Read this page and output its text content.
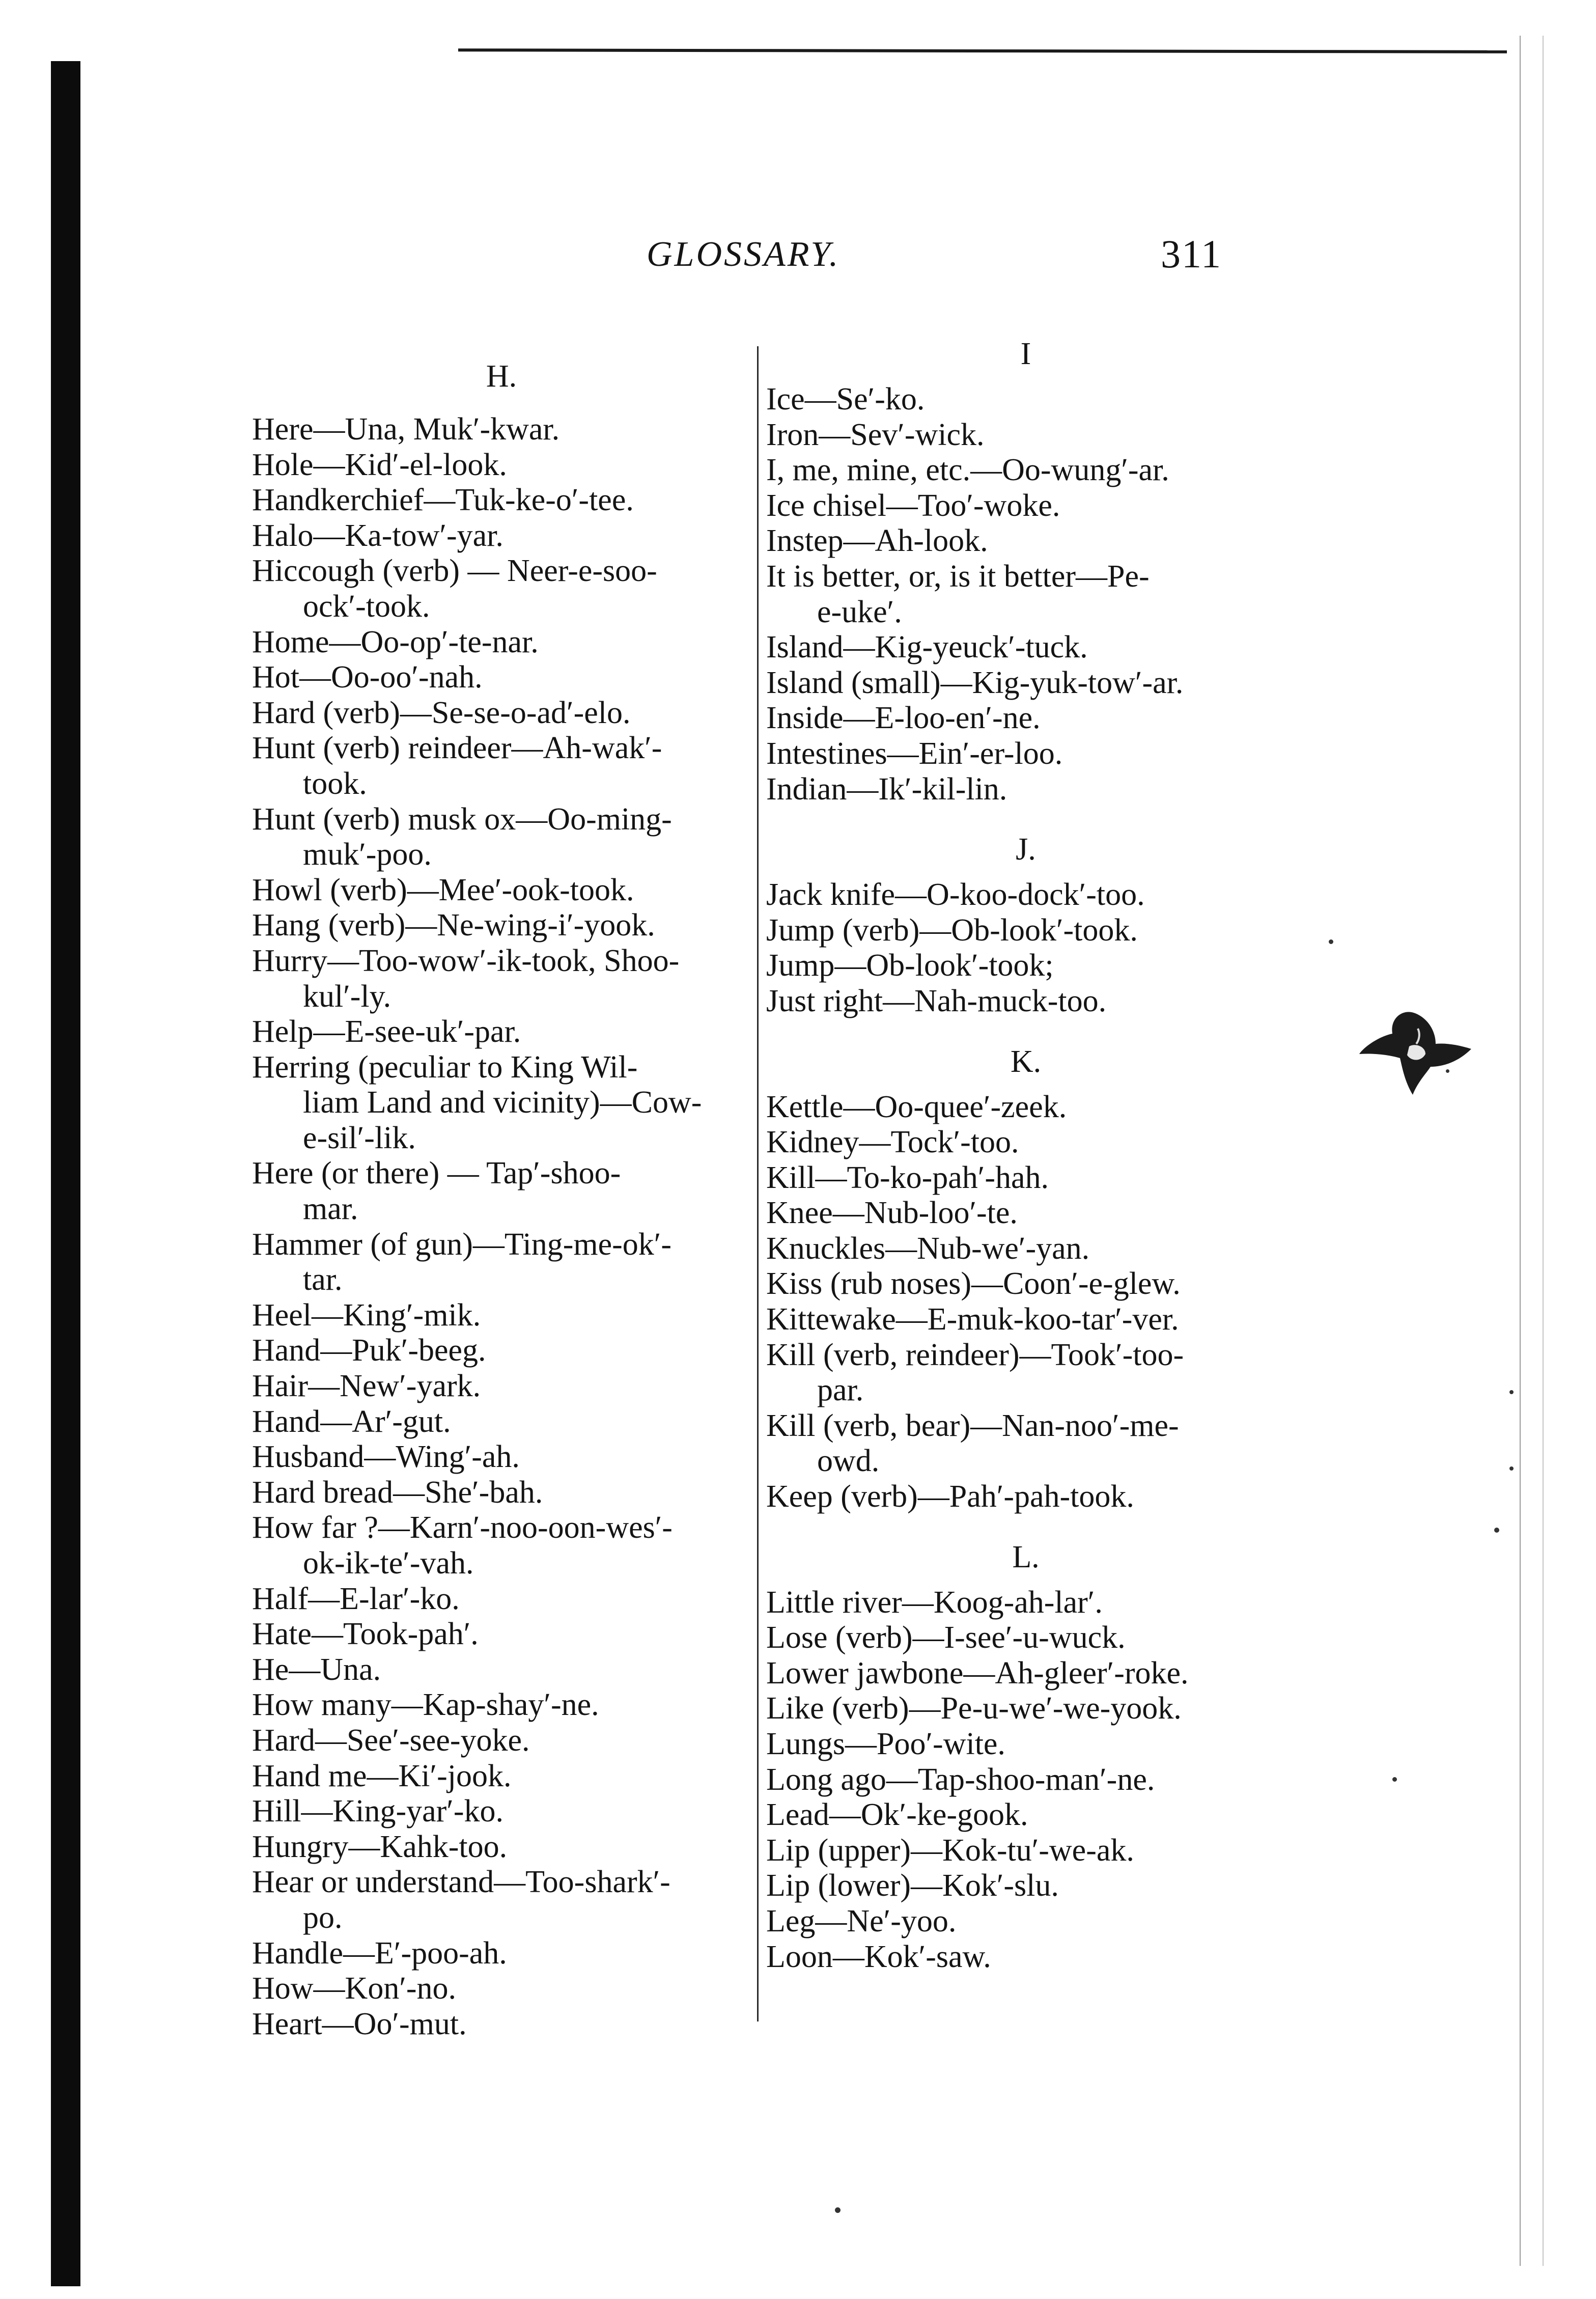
GLOSSARY.	311
H.
Here—Una, Muk′-kwar.
Hole—Kid′-el-look.
Handkerchief—Tuk-ke-o′-tee.
Halo—Ka-tow′-yar.
Hiccough (verb) — Neer-e-soo-
ock′-took.
Home—Oo-op′-te-nar.
Hot—Oo-oo′-nah.
Hard (verb)—Se-se-o-ad′-elo.
Hunt (verb) reindeer—Ah-wak′-
took.
Hunt (verb) musk ox—Oo-ming-
muk′-poo.
Howl (verb)—Mee′-ook-took.
Hang (verb)—Ne-wing-i′-yook.
Hurry—Too-wow′-ik-took, Shoo-
kul′-ly.
Help—E-see-uk′-par.
Herring (peculiar to King Wil-
liam Land and vicinity)—Cow-
e-sil′-lik.
Here (or there) — Tap′-shoo-
mar.
Hammer (of gun)—Ting-me-ok′-
tar.
Heel—King′-mik.
Hand—Puk′-beeg.
Hair—New′-yark.
Hand—Ar′-gut.
Husband—Wing′-ah.
Hard bread—She′-bah.
How far ?—Karn′-noo-oon-wes′-
ok-ik-te′-vah.
Half—E-lar′-ko.
Hate—Took-pah′.
He—Una.
How many—Kap-shay′-ne.
Hard—See′-see-yoke.
Hand me—Ki′-jook.
Hill—King-yar′-ko.
Hungry—Kahk-too.
Hear or understand—Too-shark′-
po.
Handle—E′-poo-ah.
How—Kon′-no.
Heart—Oo′-mut.
I
Ice—Se′-ko.
Iron—Sev′-wick.
I, me, mine, etc.—Oo-wung′-ar.
Ice chisel—Too′-woke.
Instep—Ah-look.
It is better, or, is it better—Pe-
e-uke′.
Island—Kig-yeuck′-tuck.
Island (small)—Kig-yuk-tow′-ar.
Inside—E-loo-en′-ne.
Intestines—Ein′-er-loo.
Indian—Ik′-kil-lin.
J.
Jack knife—O-koo-dock′-too.
Jump (verb)—Ob-look′-took.
Jump—Ob-look′-took;
Just right—Nah-muck-too.
K.
Kettle—Oo-quee′-zeek.
Kidney—Tock′-too.
Kill—To-ko-pah′-hah.
Knee—Nub-loo′-te.
Knuckles—Nub-we′-yan.
Kiss (rub noses)—Coon′-e-glew.
Kittewake—E-muk-koo-tar′-ver.
Kill (verb, reindeer)—Took′-too-
par.
Kill (verb, bear)—Nan-noo′-me-
owd.
Keep (verb)—Pah′-pah-took.
L.
Little river—Koog-ah-lar′.
Lose (verb)—I-see′-u-wuck.
Lower jawbone—Ah-gleer′-roke.
Like (verb)—Pe-u-we′-we-yook.
Lungs—Poo′-wite.
Long ago—Tap-shoo-man′-ne.
Lead—Ok′-ke-gook.
Lip (upper)—Kok-tu′-we-ak.
Lip (lower)—Kok′-slu.
Leg—Ne′-yoo.
Loon—Kok′-saw.
